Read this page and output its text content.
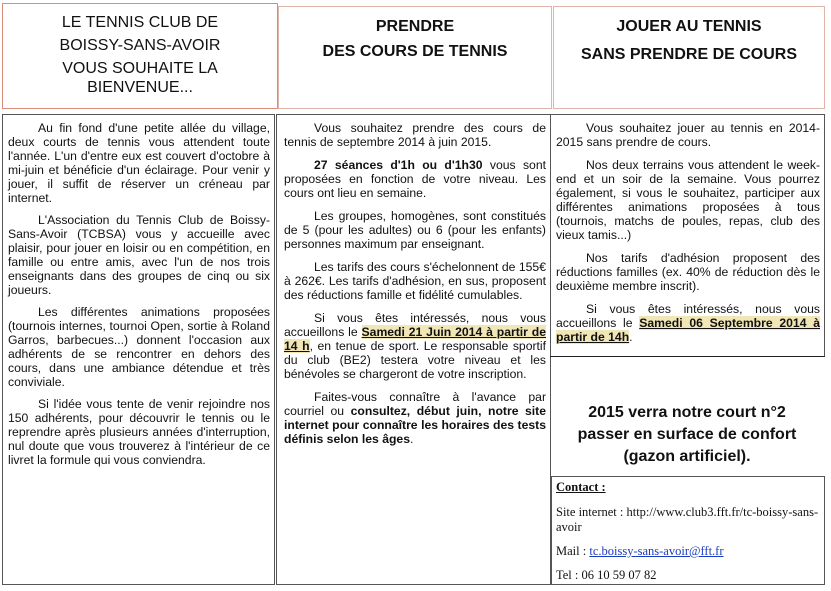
LE TENNIS CLUB DE
BOISSY-SANS-AVOIR
VOUS SOUHAITE LA
BIENVENUE...
PRENDRE
DES COURS DE TENNIS
JOUER AU TENNIS
SANS PRENDRE DE COURS

Au fin fond d'une petite allée du village, deux courts de tennis vous attendent toute l'année. L'un d'entre eux est couvert d'octobre à mi-juin et bénéficie d'un éclairage. Pour venir y jouer, il suffit de réserver un créneau par internet.

L'Association du Tennis Club de Boissy-Sans-Avoir (TCBSA) vous y accueille avec plaisir, pour jouer en loisir ou en compétition, en famille ou entre amis, avec l'un de nos trois enseignants dans des groupes de cinq ou six joueurs.

Les différentes animations proposées (tournois internes, tournoi Open, sortie à Roland Garros, barbecues...) donnent l'occasion aux adhérents de se rencontrer en dehors des cours, dans une ambiance détendue et très conviviale.

Si l'idée vous tente de venir rejoindre nos 150 adhérents, pour découvrir le tennis ou le reprendre après plusieurs années d'interruption, nul doute que vous trouverez à l'intérieur de ce livret la formule qui vous conviendra.

Vous souhaitez prendre des cours de tennis de septembre 2014 à juin 2015.

27 séances d'1h ou d'1h30 vous sont proposées en fonction de votre niveau. Les cours ont lieu en semaine.

Les groupes, homogènes, sont constitués de 5 (pour les adultes) ou 6 (pour les enfants) personnes maximum par enseignant.

Les tarifs des cours s'échelonnent de 155€ à 262€. Les tarifs d'adhésion, en sus, proposent des réductions famille et fidélité cumulables.

Si vous êtes intéressés, nous vous accueillons le Samedi 21 Juin 2014 à partir de 14 h, en tenue de sport. Le responsable sportif du club (BE2) testera votre niveau et les bénévoles se chargeront de votre inscription.

Faites-vous connaître à l'avance par courriel ou consultez, début juin, notre site internet pour connaître les horaires des tests définis selon les âges.

Vous souhaitez jouer au tennis en 2014-2015 sans prendre de cours.

Nos deux terrains vous attendent le week-end et un soir de la semaine. Vous pourrez également, si vous le souhaitez, participer aux différentes animations proposées à tous (tournois, matchs de poules, repas, club des vieux tamis...)

Nos tarifs d'adhésion proposent des réductions familles (ex. 40% de réduction dès le deuxième membre inscrit).

Si vous êtes intéressés, nous vous accueillons le Samedi 06 Septembre 2014 à partir de 14h.

2015 verra notre court n°2
passer en surface de confort
(gazon artificiel).
Contact :
Site internet : http://www.club3.fft.fr/tc-boissy-sans-avoir
Mail : tc.boissy-sans-avoir@fft.fr
Tel : 06 10 59 07 82
